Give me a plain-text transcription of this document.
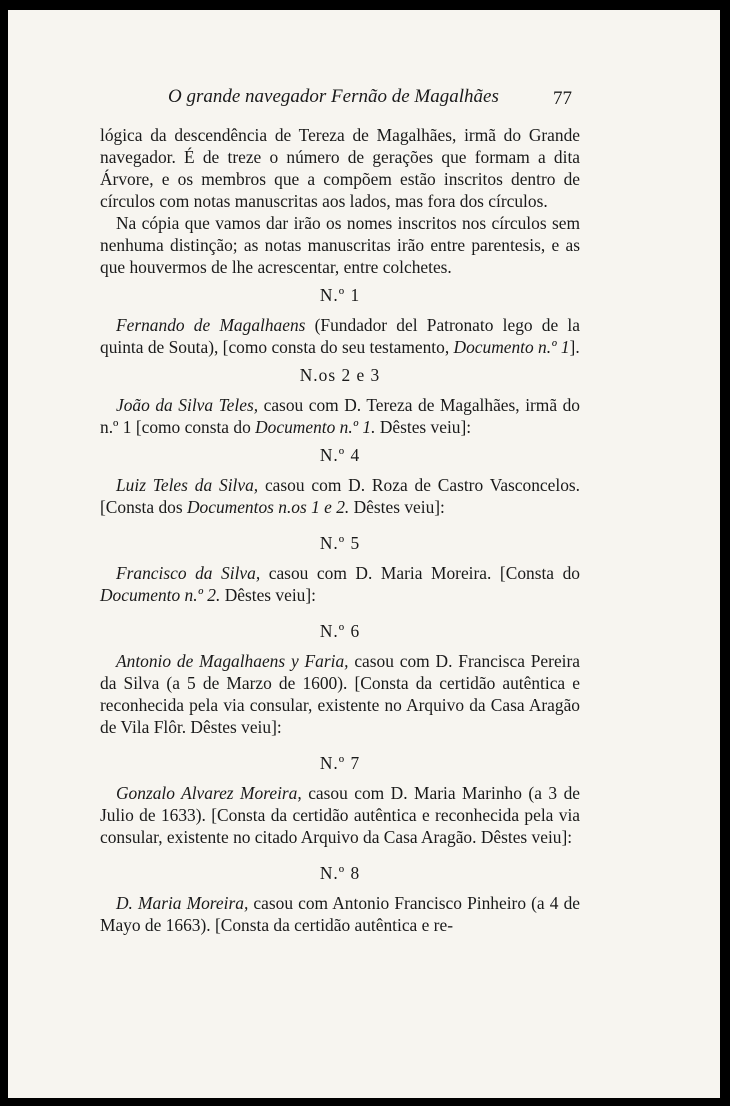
O grande navegador Fernão de Magalhães	77

lógica da descendência de Tereza de Magalhães, irmã do Grande navegador. É de treze o número de gerações que formam a dita Árvore, e os membros que a compõem estão inscritos dentro de círculos com notas manuscritas aos lados, mas fora dos círculos.

Na cópia que vamos dar irão os nomes inscritos nos círculos sem nenhuma distinção; as notas manuscritas irão entre parentesis, e as que houvermos de lhe acrescentar, entre colchetes.

N.º 1

Fernando de Magalhaens (Fundador del Patronato lego de la quinta de Souta), [como consta do seu testamento, Documento n.º 1].

N.os 2 e 3

João da Silva Teles, casou com D. Tereza de Magalhães, irmã do n.º 1 [como consta do Documento n.º 1. Dêstes veiu]:

N.º 4

Luiz Teles da Silva, casou com D. Roza de Castro Vasconcelos. [Consta dos Documentos n.os 1 e 2. Dêstes veiu]:

N.º 5

Francisco da Silva, casou com D. Maria Moreira. [Consta do Documento n.º 2. Dêstes veiu]:

N.º 6

Antonio de Magalhaens y Faria, casou com D. Francisca Pereira da Silva (a 5 de Marzo de 1600). [Consta da certidão autêntica e reconhecida pela via consular, existente no Arquivo da Casa Aragão de Vila Flôr. Dêstes veiu]:

N.º 7

Gonzalo Alvarez Moreira, casou com D. Maria Marinho (a 3 de Julio de 1633). [Consta da certidão autêntica e reconhecida pela via consular, existente no citado Arquivo da Casa Aragão. Dêstes veiu]:

N.º 8

D. Maria Moreira, casou com Antonio Francisco Pinheiro (a 4 de Mayo de 1663). [Consta da certidão autêntica e re-
